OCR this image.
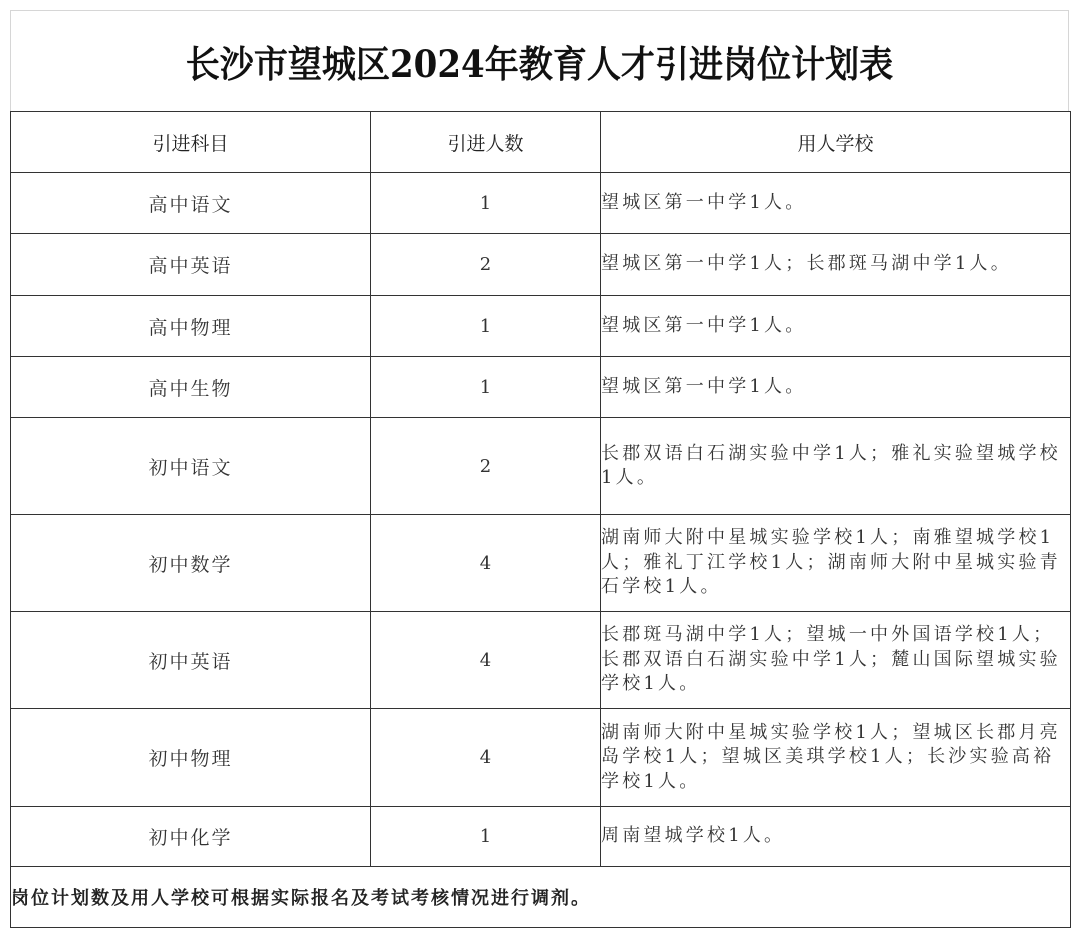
长沙市望城区2024年教育人才引进岗位计划表
引进科目	引进人数	用人学校
高中语文	1	望城区第一中学1人。
高中英语	2	望城区第一中学1人；长郡斑马湖中学1人。
高中物理	1	望城区第一中学1人。
高中生物	1	望城区第一中学1人。
初中语文	2	长郡双语白石湖实验中学1人；雅礼实验望城学校1人。
初中数学	4	湖南师大附中星城实验学校1人；南雅望城学校1人；雅礼丁江学校1人；湖南师大附中星城实验青石学校1人。
初中英语	4	长郡斑马湖中学1人；望城一中外国语学校1人；长郡双语白石湖实验中学1人；麓山国际望城实验学校1人。
初中物理	4	湖南师大附中星城实验学校1人；望城区长郡月亮岛学校1人；望城区美琪学校1人；长沙实验高裕学校1人。
初中化学	1	周南望城学校1人。
岗位计划数及用人学校可根据实际报名及考试考核情况进行调剂。		
